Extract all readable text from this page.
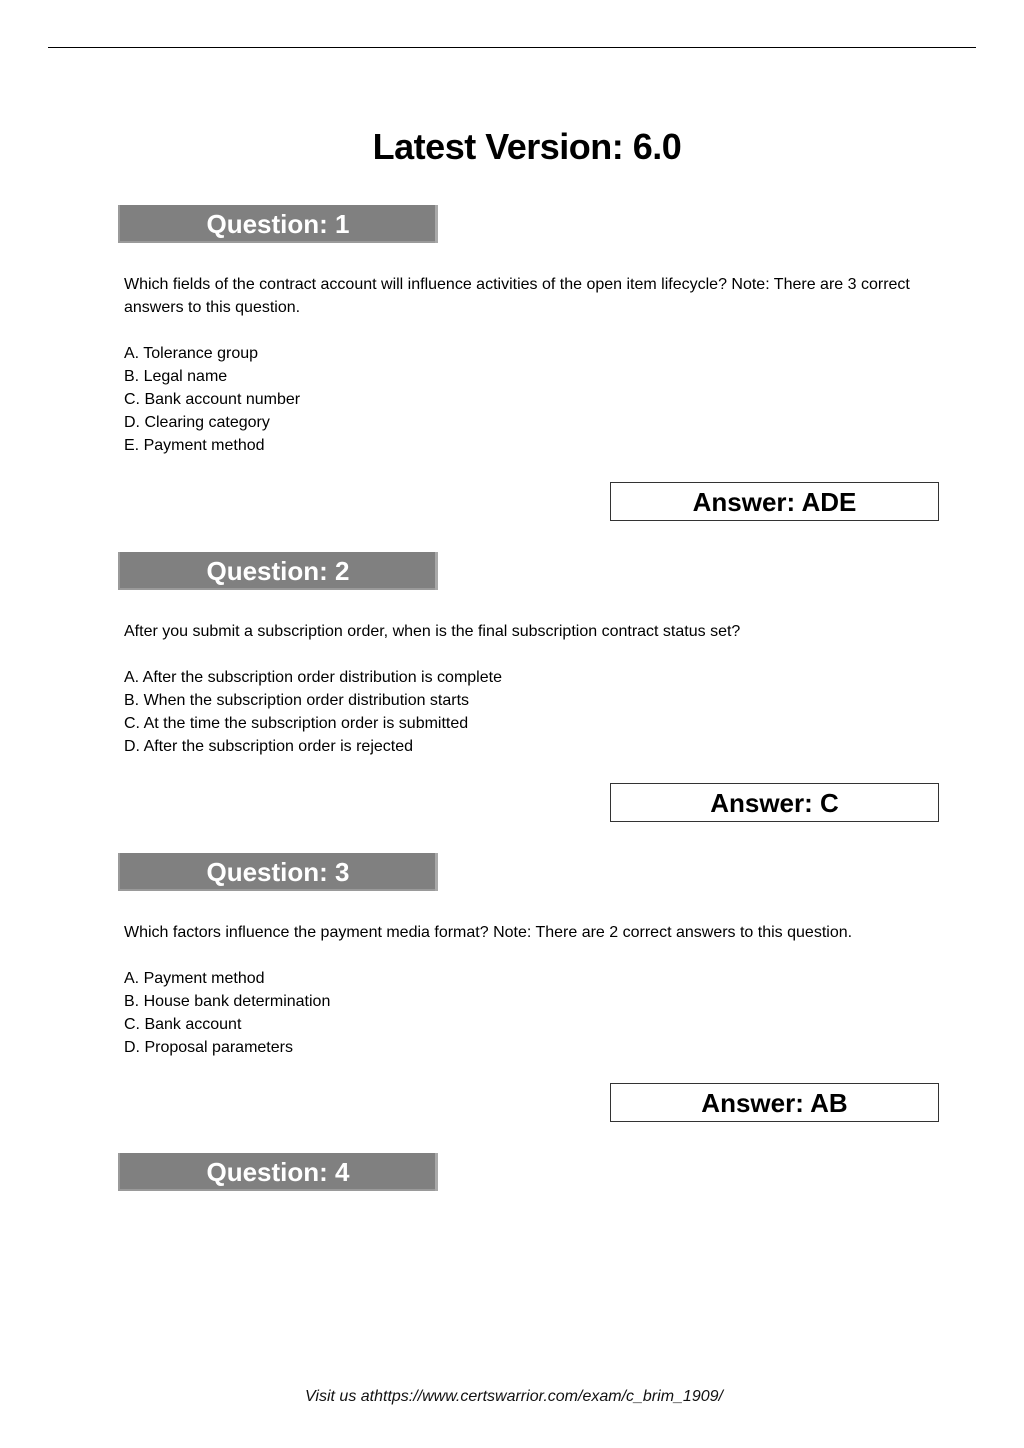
Latest Version: 6.0
Question: 1

Which fields of the contract account will influence activities of the open item lifecycle? Note: There are 3 correct answers to this question.

A. Tolerance group
B. Legal name
C. Bank account number
D. Clearing category
E. Payment method

Answer: ADE
Question: 2

After you submit a subscription order, when is the final subscription contract status set?

A. After the subscription order distribution is complete
B. When the subscription order distribution starts
C. At the time the subscription order is submitted
D. After the subscription order is rejected

Answer: C
Question: 3

Which factors influence the payment media format? Note: There are 2 correct answers to this question.

A. Payment method
B. House bank determination
C. Bank account
D. Proposal parameters

Answer: AB
Question: 4
Visit us athttps://www.certswarrior.com/exam/c_brim_1909/
